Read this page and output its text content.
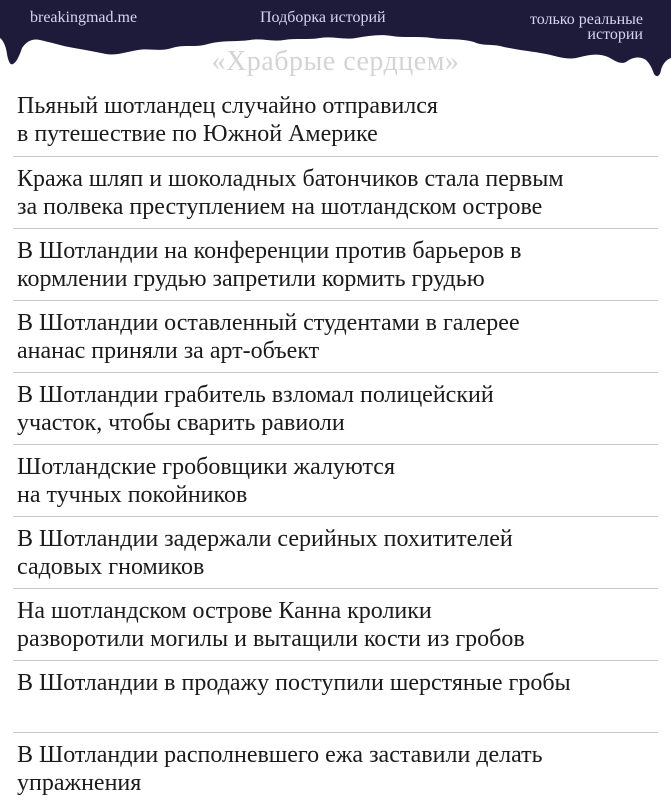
breakingmad.me	Подборка историй	только реальные
истории
«Храбрые сердцем»
Пьяный шотландец случайно отправился
в путешествие по Южной Америке
Кража шляп и шоколадных батончиков стала первым
за полвека преступлением на шотландском острове
В Шотландии на конференции против барьеров в
кормлении грудью запретили кормить грудью
В Шотландии оставленный студентами в галерее
ананас приняли за арт-объект
В Шотландии грабитель взломал полицейский
участок, чтобы сварить равиоли
Шотландские гробовщики жалуются
на тучных покойников
В Шотландии задержали серийных похитителей
садовых гномиков
На шотландском острове Канна кролики
разворотили могилы и вытащили кости из гробов
В Шотландии в продажу поступили шерстяные гробы
В Шотландии располневшего ежа заставили делать
упражнения
